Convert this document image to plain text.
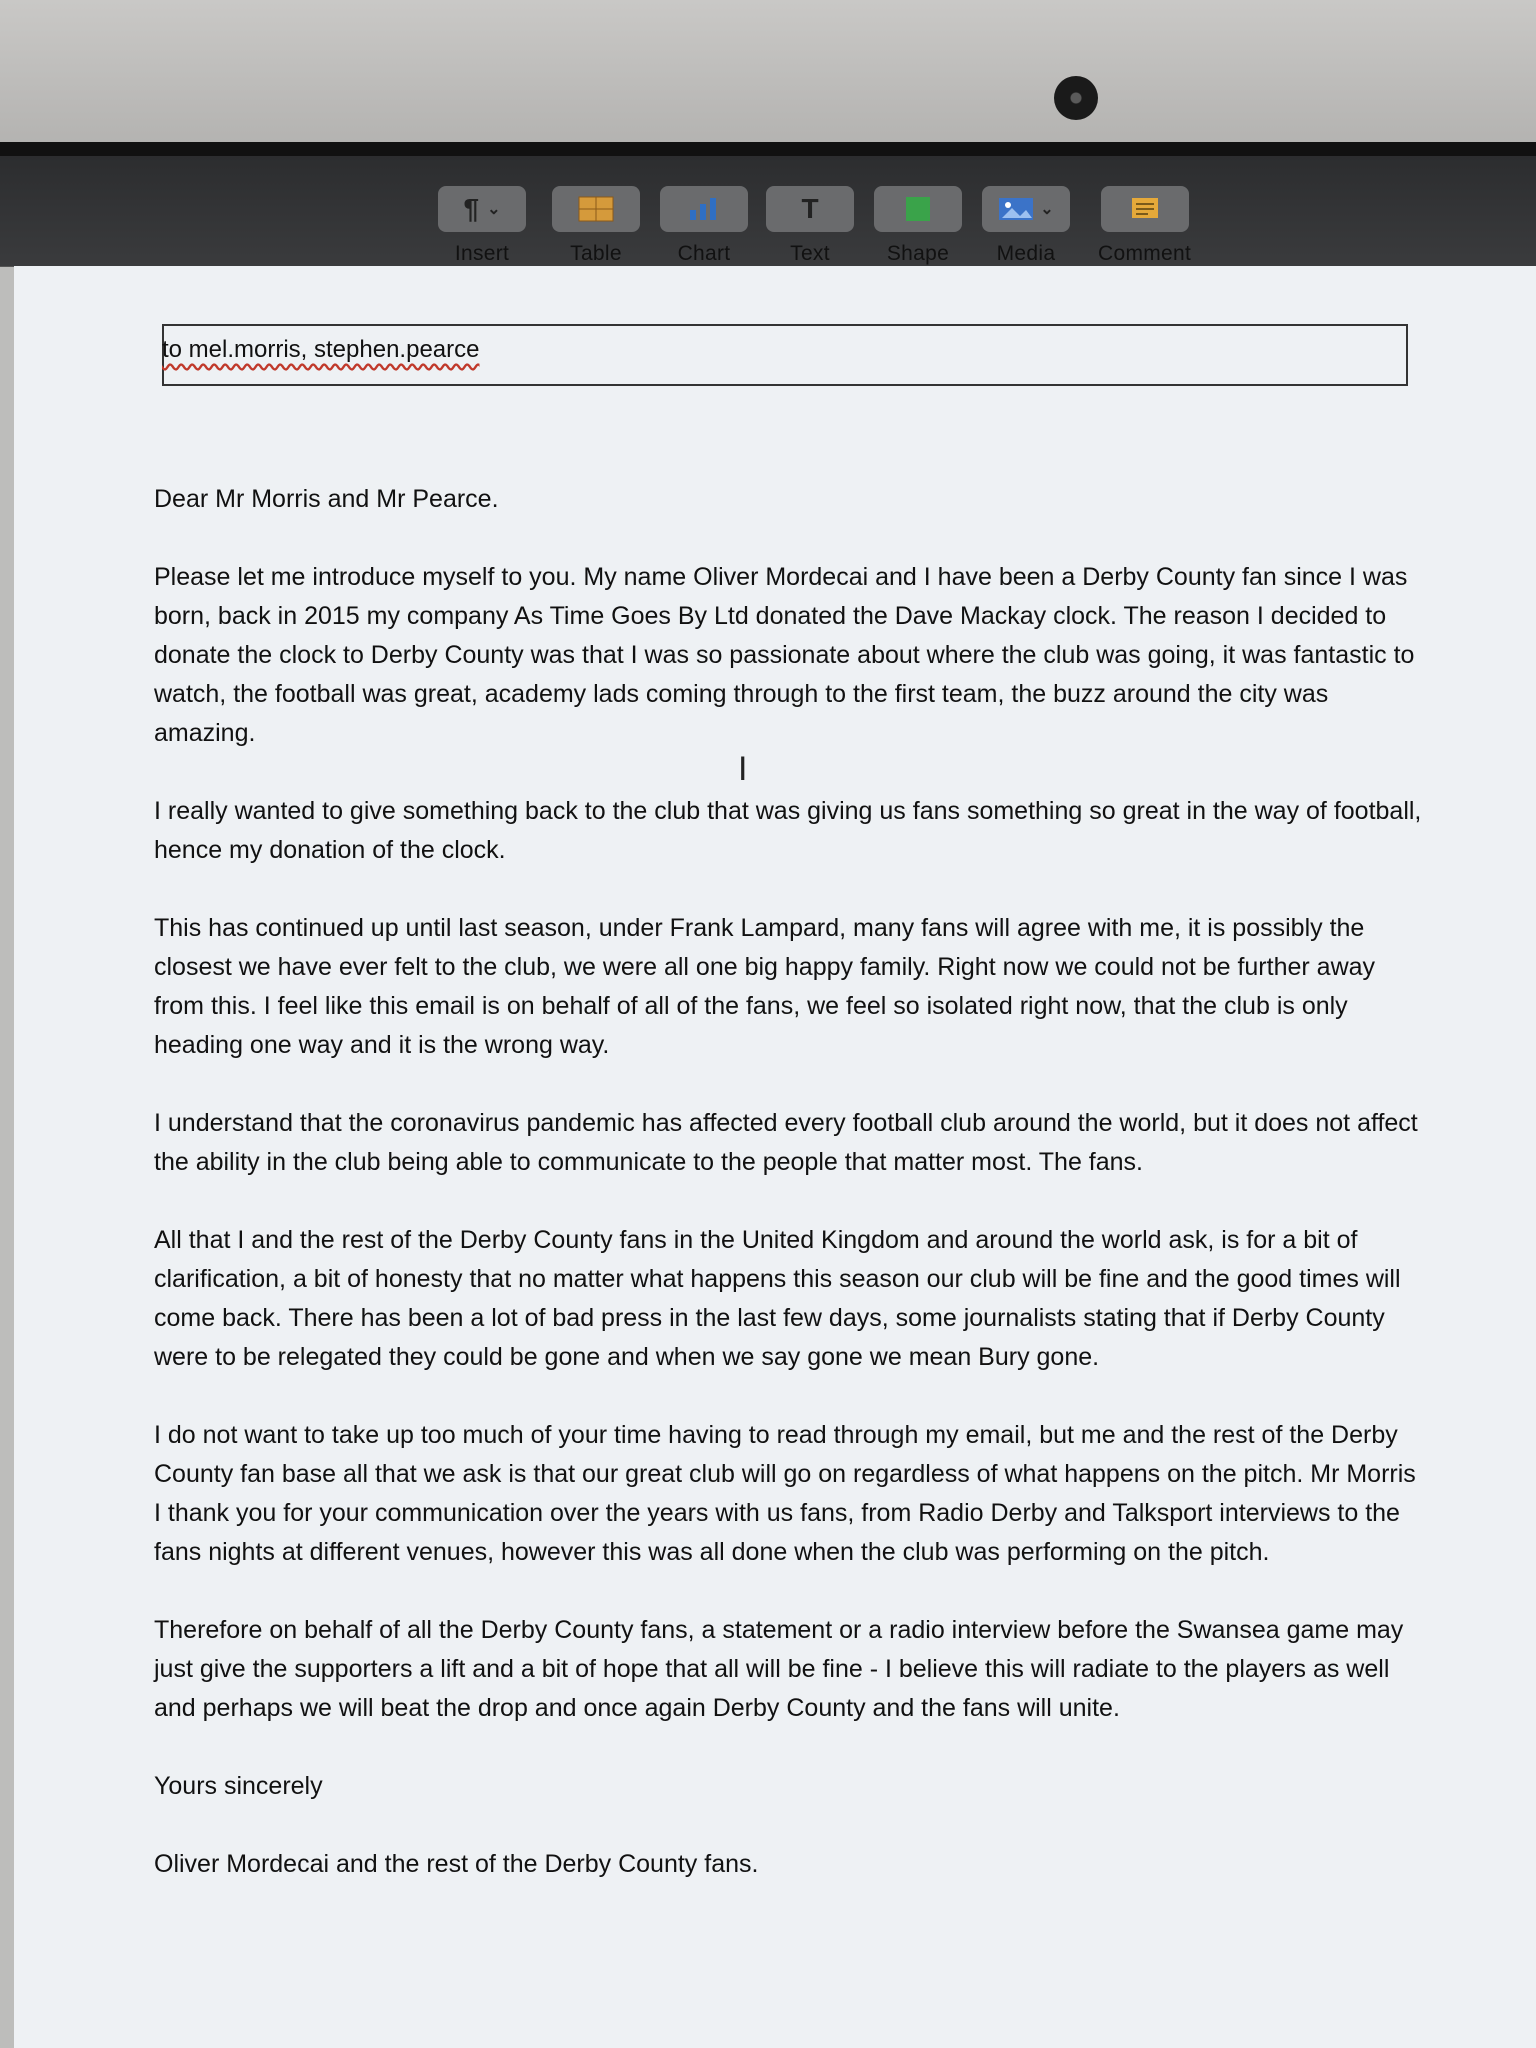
¶ ⌄
Insert	Table	Chart
T
Text	Shape
⌄
Media Comment
to mel.morris, stephen.pearce
I

Dear Mr Morris and Mr Pearce.

Please let me introduce myself to you. My name Oliver Mordecai and I have been a Derby County fan since I was born, back in 2015 my company As Time Goes By Ltd donated the Dave Mackay clock. The reason I decided to donate the clock to Derby County was that I was so passionate about where the club was going, it was fantastic to watch, the football was great, academy lads coming through to the first team, the buzz around the city was amazing.

I really wanted to give something back to the club that was giving us fans something so great in the way of football, hence my donation of the clock.

This has continued up until last season, under Frank Lampard, many fans will agree with me, it is possibly the closest we have ever felt to the club, we were all one big happy family. Right now we could not be further away from this. I feel like this email is on behalf of all of the fans, we feel so isolated right now, that the club is only heading one way and it is the wrong way.

I understand that the coronavirus pandemic has affected every football club around the world, but it does not affect the ability in the club being able to communicate to the people that matter most. The fans.

All that I and the rest of the Derby County fans in the United Kingdom and around the world ask, is for a bit of clarification, a bit of honesty that no matter what happens this season our club will be fine and the good times will come back. There has been a lot of bad press in the last few days, some journalists stating that if Derby County were to be relegated they could be gone and when we say gone we mean Bury gone.

I do not want to take up too much of your time having to read through my email, but me and the rest of the Derby County fan base all that we ask is that our great club will go on regardless of what happens on the pitch. Mr Morris I thank you for your communication over the years with us fans, from Radio Derby and Talksport interviews to the fans nights at different venues, however this was all done when the club was performing on the pitch.

Therefore on behalf of all the Derby County fans, a statement or a radio interview before the Swansea game may just give the supporters a lift and a bit of hope that all will be fine - I believe this will radiate to the players as well and perhaps we will beat the drop and once again Derby County and the fans will unite.

Yours sincerely

Oliver Mordecai and the rest of the Derby County fans.
